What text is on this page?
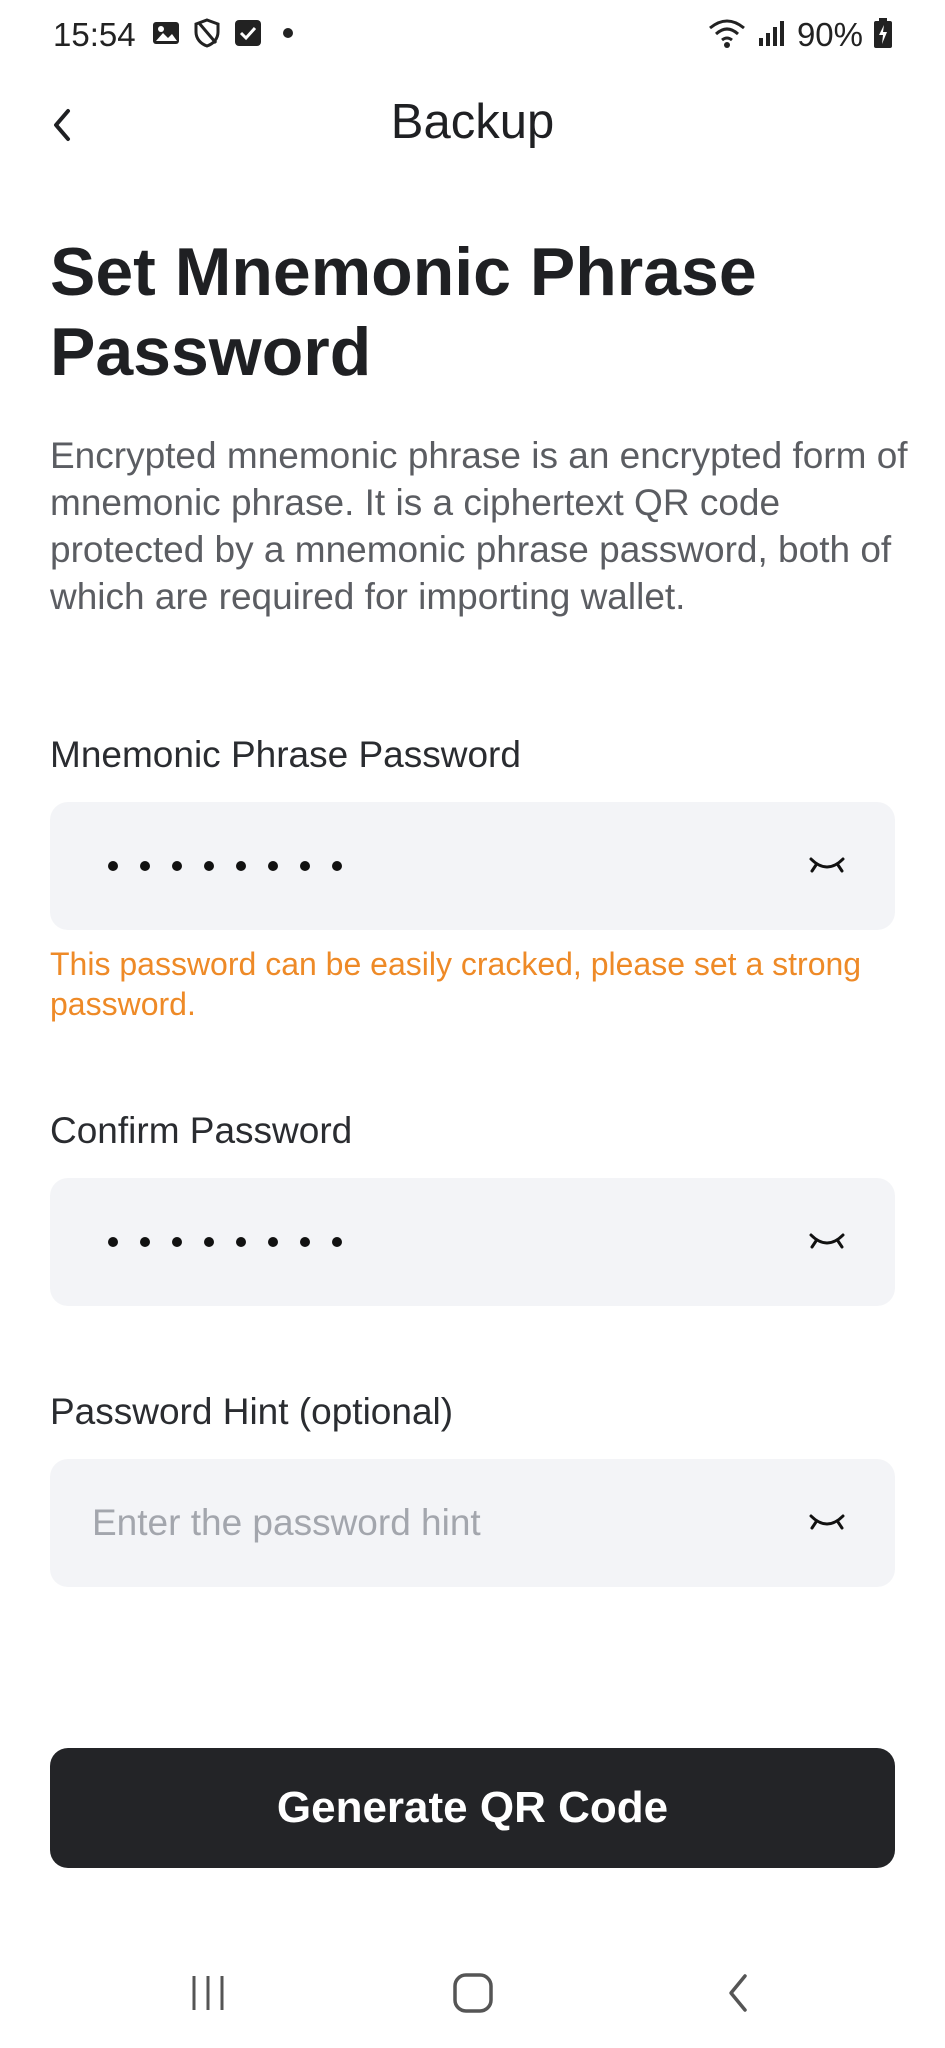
15:54	90%
Backup
Set Mnemonic Phrase Password
Encrypted mnemonic phrase is an encrypted form of mnemonic phrase. It is a ciphertext QR code protected by a mnemonic phrase password, both of which are required for importing wallet.
Mnemonic Phrase Password
This password can be easily cracked, please set a strong password.
Confirm Password
Password Hint (optional)
Enter the password hint
Generate QR Code
